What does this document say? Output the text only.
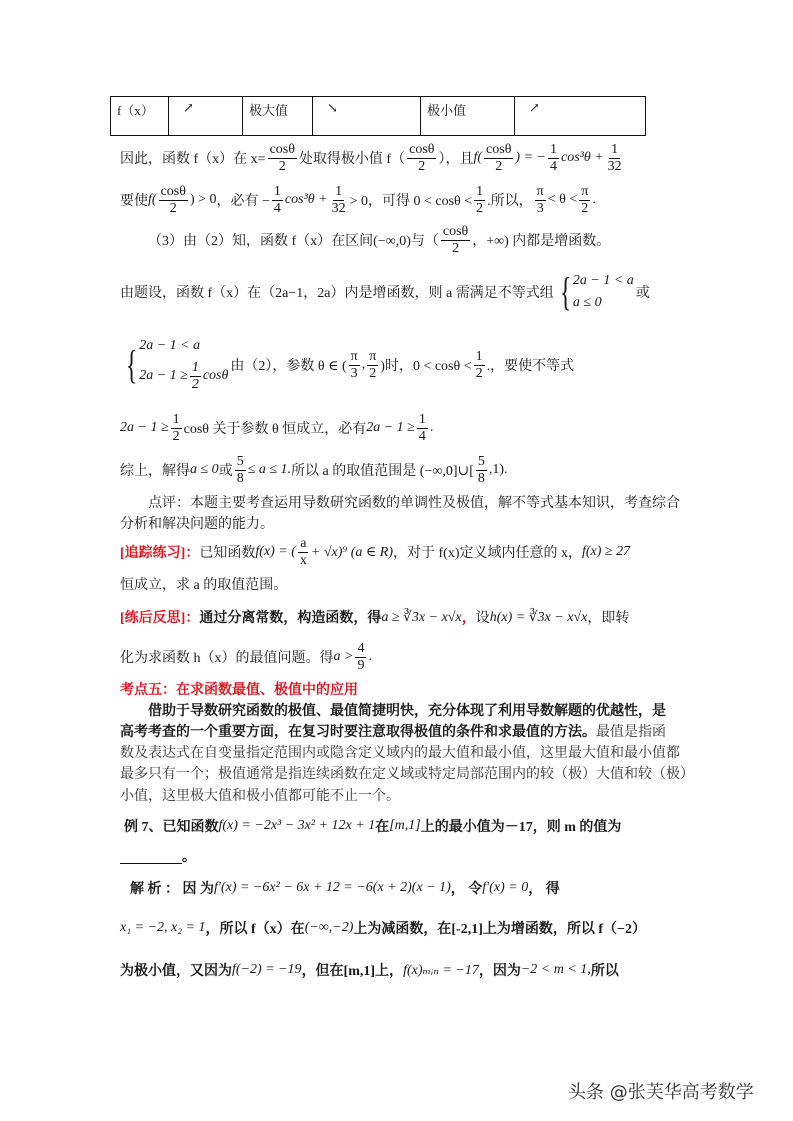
f（x）	↗	极大值	↘	极小值	↗
因此，函数 f（x）在 $x= \frac{\cos\theta}{2}$ 处取得极小值 $f( \frac{\cos\theta}{2}$ ），且 $f( \frac{\cos\theta}{2}$ ) = − $\frac{1}{4} \cos^3\theta + \frac{1}{32}$
要使 $f( \frac{\cos\theta}{2}$ ) > 0 ，必有 − $\frac{1}{4} \cos^3\theta + \frac{1}{32} > 0$，可得 $0 < \cos\theta < \frac{1}{2}$ .所以， $\frac{\pi}{3} < \theta < \frac{\pi}{2}$ .
（3）由（2）知，函数 f（x）在区间(−∞,0)与（ $\frac{\cos\theta}{2}$ ，+∞) 内都是增函数。
由题设，函数 f（x）在（2a−1，2a）内是增函数，则 a 需满足不等式组 { 2a − 1 < a
a ≤ 0
或
{ 2a − 1 < a
$2a - 1 \ge \frac{1}{2}$ cosθ
由（2），参数 θ ∈ ( $\frac{\pi}{3}$ , $\frac{\pi}{2}$ )时，$0 < \cos\theta < \frac{1}{2}$ .，要使不等式
$2a - 1 \ge \frac{1}{2}$ cosθ 关于参数 θ 恒成立，必有 $2a - 1 \ge \frac{1}{4}$ .
综上，解得 a ≤ 0 或 $\frac{5}{8} \le a \le 1$. 所以 a 的取值范围是 (−∞,0]∪[ $\frac{5}{8} ,1$).
点评：本题主要考查运用导数研究函数的单调性及极值，解不等式基本知识，考查综合
分析和解决问题的能力。
[追踪练习]： 已知函数 f(x) = ( $\frac{a}{x} + √x)^9$ (a ∈ R) ，对于 f(x)定义域内任意的 x， f(x) ≥ 27
恒成立，求 a 的取值范围。
[练后反思]： 通过分离常数，构造函数，得 a ≥ ∛3x − x√x ， 设 h(x) = ∛3x − x√x ，即转
化为求函数 h（x）的最值问题。得 $a > \frac{4}{9}$ .
考点五：在求函数最值、极值中的应用
借助于导数研究函数的极值、最值简捷明快，充分体现了利用导数解题的优越性，是
高考考查的一个重要方面，在复习时要注意取得极值的条件和求最值的方法。 最值是指函
数及表达式在自变量指定范围内或隐含定义域内的最大值和最小值，这里最大值和最小值都
最多只有一个；极值通常是指连续函数在定义域或特定局部范围内的较（极）大值和较（极）
小值，这里极大值和极小值都可能不止一个。
例 7、已知函数 f(x) = −2x³ − 3x² + 12x + 1 在 [m,1] 上的最小值为－17，则 m 的值为
。
解 析 ： 因 为 f′(x) = −6x² − 6x + 12 = −6(x + 2)(x − 1) ， 令 f′(x) = 0 ， 得
x₁ = −2, x₂ = 1 ，所以 f（x）在 (−∞,−2) 上为减函数，在[-2,1]上为增函数，所以 f（−2）
为极小值，又因为 f(−2) = −19 ，但在[m,1]上， f(x)ₘᵢₙ = −17 ，因为 −2 < m < 1, 所以
头条 @张芙华高考数学
